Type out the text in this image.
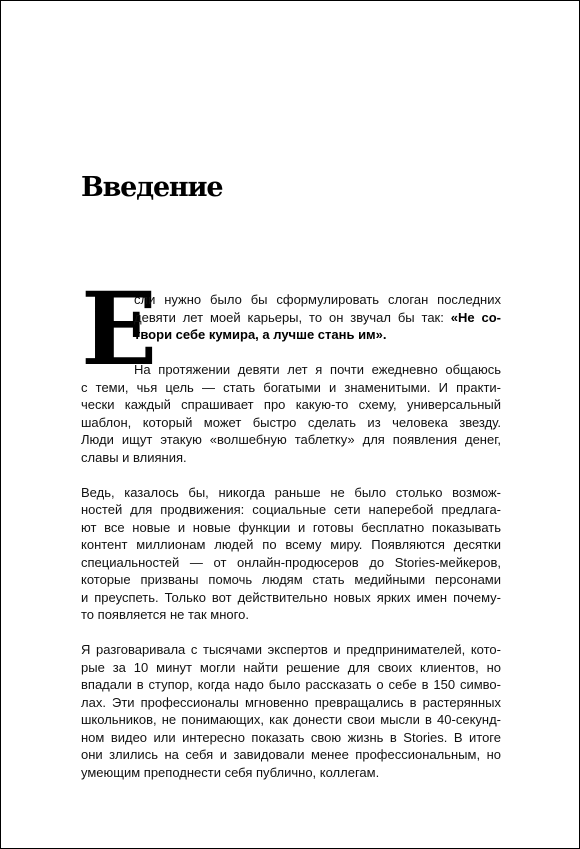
Введение
Е
сли нужно было бы сформулировать слоган последних
девяти лет моей карьеры, то он звучал бы так: «Не со-
твори себе кумира, а лучше стань им».
На протяжении девяти лет я почти ежедневно общаюсь
с теми, чья цель — стать богатыми и знаменитыми. И практи-
чески каждый спрашивает про какую-то схему, универсальный
шаблон, который может быстро сделать из человека звезду.
Люди ищут этакую «волшебную таблетку» для появления денег,
славы и влияния.
Ведь, казалось бы, никогда раньше не было столько возмож-
ностей для продвижения: социальные сети наперебой предлага-
ют все новые и новые функции и готовы бесплатно показывать
контент миллионам людей по всему миру. Появляются десятки
специальностей — от онлайн-продюсеров до Stories-мейкеров,
которые призваны помочь людям стать медийными персонами
и преуспеть. Только вот действительно новых ярких имен почему-
то появляется не так много.
Я разговаривала с тысячами экспертов и предпринимателей, кото-
рые за 10 минут могли найти решение для своих клиентов, но
впадали в ступор, когда надо было рассказать о себе в 150 симво-
лах. Эти профессионалы мгновенно превращались в растерянных
школьников, не понимающих, как донести свои мысли в 40-секунд-
ном видео или интересно показать свою жизнь в Stories. В итоге
они злились на себя и завидовали менее профессиональным, но
умеющим преподнести себя публично, коллегам.
